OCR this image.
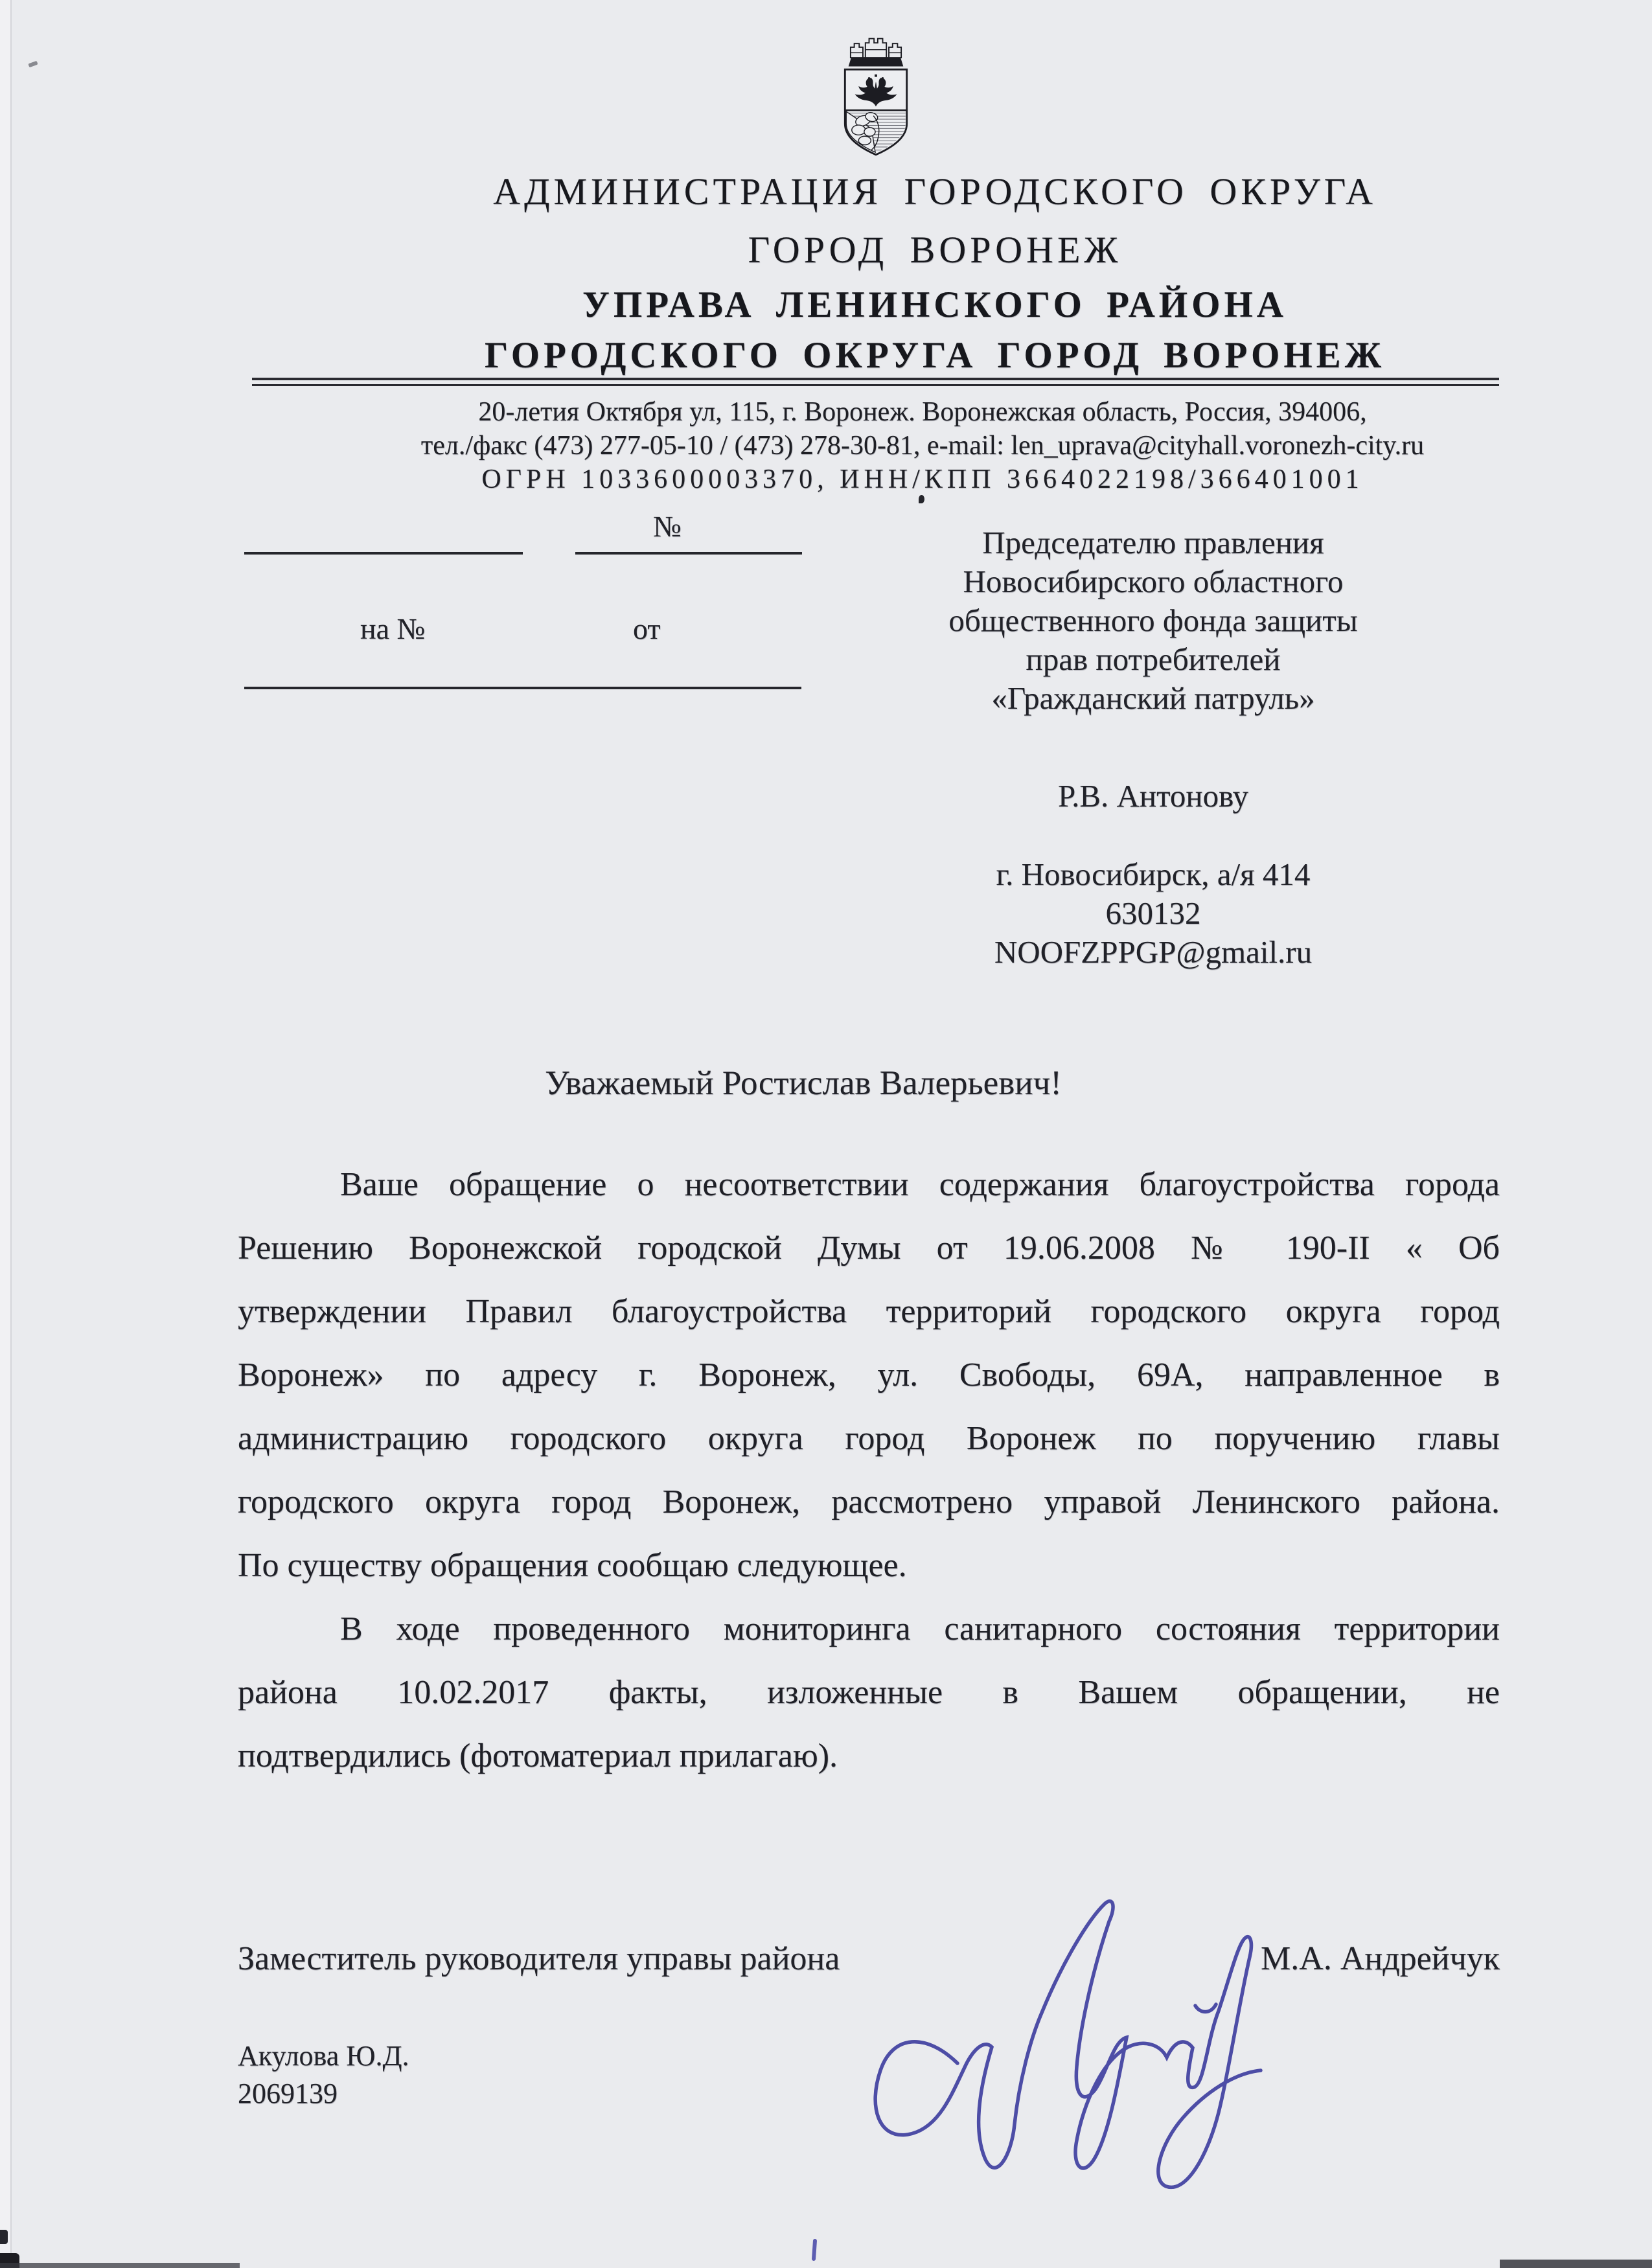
АДМИНИСТРАЦИЯ ГОРОДСКОГО ОКРУГА
ГОРОД ВОРОНЕЖ
УПРАВА ЛЕНИНСКОГО РАЙОНА
ГОРОДСКОГО ОКРУГА ГОРОД ВОРОНЕЖ
20-летия Октября ул, 115, г. Воронеж. Воронежская область, Россия, 394006,
тел./факс (473) 277-05-10 / (473) 278-30-81, e-mail: len_uprava@cityhall.voronezh-city.ru
ОГРН 1033600003370, ИНН/КПП 3664022198/366401001
№
на №	от
Председателю правления
Новосибирского областного
общественного фонда защиты
прав потребителей
«Гражданский патруль»
Р.В. Антонову
г. Новосибирск, а/я 414
630132
NOOFZPPGP@gmail.ru
Уважаемый Ростислав Валерьевич!
Ваше обращение о несоответствии содержания благоустройства города
Решению Воронежской городской Думы от 19.06.2008 № 190-II « Об
утверждении Правил благоустройства территорий городского округа город
Воронеж» по адресу г. Воронеж, ул. Свободы, 69А, направленное в
администрацию городского округа город Воронеж по поручению главы
городского округа город Воронеж, рассмотрено управой Ленинского района.
По существу обращения сообщаю следующее.
В ходе проведенного мониторинга санитарного состояния территории
района 10.02.2017 факты, изложенные в Вашем обращении, не
подтвердились (фотоматериал прилагаю).
Заместитель руководителя управы района	М.А. Андрейчук
Акулова Ю.Д.
2069139
